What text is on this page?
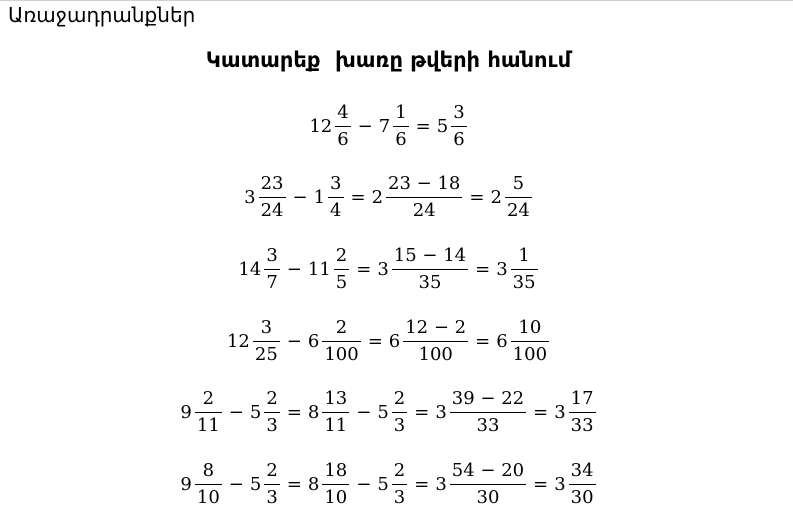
Առաջադրանքներ
Կատարեք  խառը թվերի հանում
$12 \frac{4}{6} - 7 \frac{1}{6} = 5 \frac{3}{6}$
$3 \frac{23}{24} - 1 \frac{3}{4} = 2 \frac{23 - 18}{24} = 2 \frac{5}{24}$
$14 \frac{3}{7} - 11 \frac{2}{5} = 3 \frac{15 - 14}{35} = 3 \frac{1}{35}$
$12 \frac{3}{25} - 6 \frac{2}{100} = 6 \frac{12 - 2}{100} = 6 \frac{10}{100}$
$9 \frac{2}{11} - 5 \frac{2}{3} = 8 \frac{13}{11} - 5 \frac{2}{3} = 3 \frac{39 - 22}{33} = 3 \frac{17}{33}$
$9 \frac{8}{10} - 5 \frac{2}{3} = 8 \frac{18}{10} - 5 \frac{2}{3} = 3 \frac{54 - 20}{30} = 3 \frac{34}{30}$
